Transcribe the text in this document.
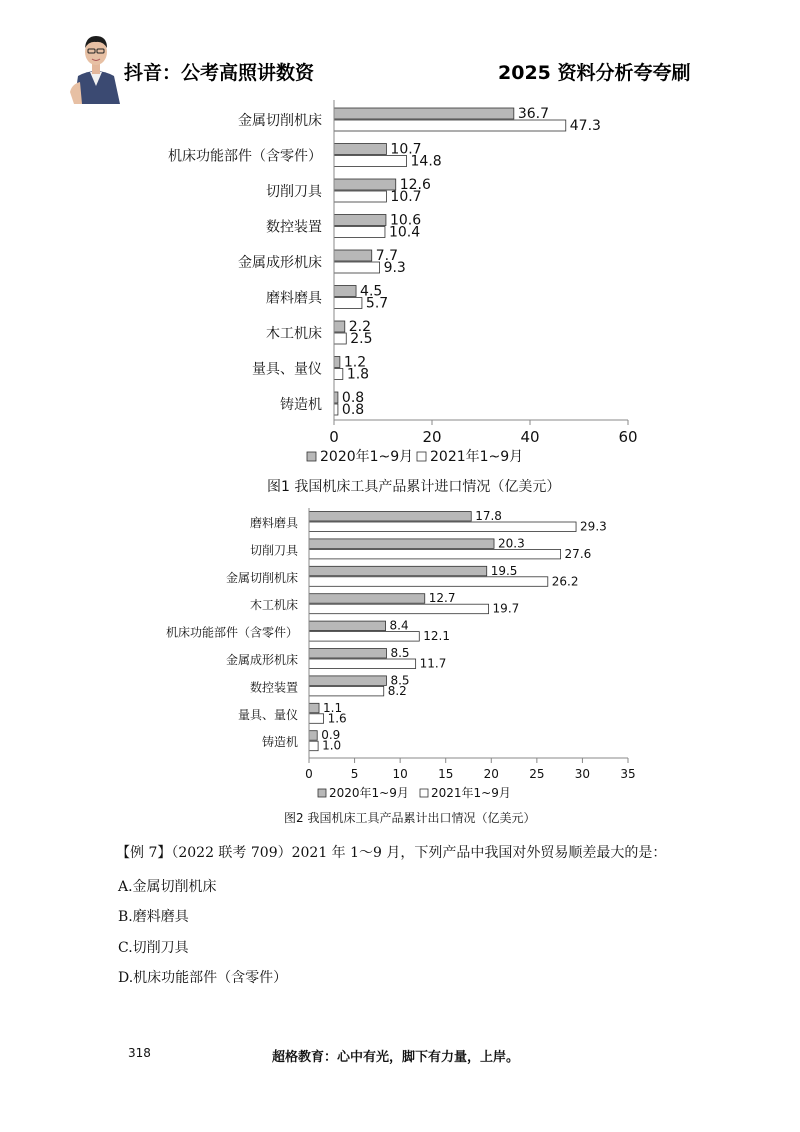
抖音：公考高照讲数资	2025 资料分析夸夸刷
金属切削机床
机床功能部件（含零件）
切削刀具
数控装置
金属成形机床
磨料磨具
木工机床
量具、量仪
铸造机
36.7
47.3
10.7
14.8
12.6
10.7
10.6
10.4
7.7
9.3
4.5
5.7
2.2
2.5
1.2
1.8
0.8
0.8
0	20	40	60
2020年1~9月 2021年1~9月
图1 我国机床工具产品累计进口情况（亿美元）
磨料磨具
切削刀具
金属切削机床
木工机床
机床功能部件（含零件）
金属成形机床
数控装置
量具、量仪
铸造机
17.8
29.3
20.3
27.6
19.5
26.2
12.7
19.7
8.4
12.1
8.5
11.7
8.5
8.2
1.1
1.6
0.9
1.0
0	5	10	15	20	25	30	35
2020年1~9月 2021年1~9月
图2 我国机床工具产品累计出口情况（亿美元）
【例 7】（2022 联考 709）2021 年 1～9 月，下列产品中我国对外贸易顺差最大的是：
A.金属切削机床
B.磨料磨具
C.切削刀具
D.机床功能部件（含零件）
318	超格教育：心中有光，脚下有力量，上岸。
